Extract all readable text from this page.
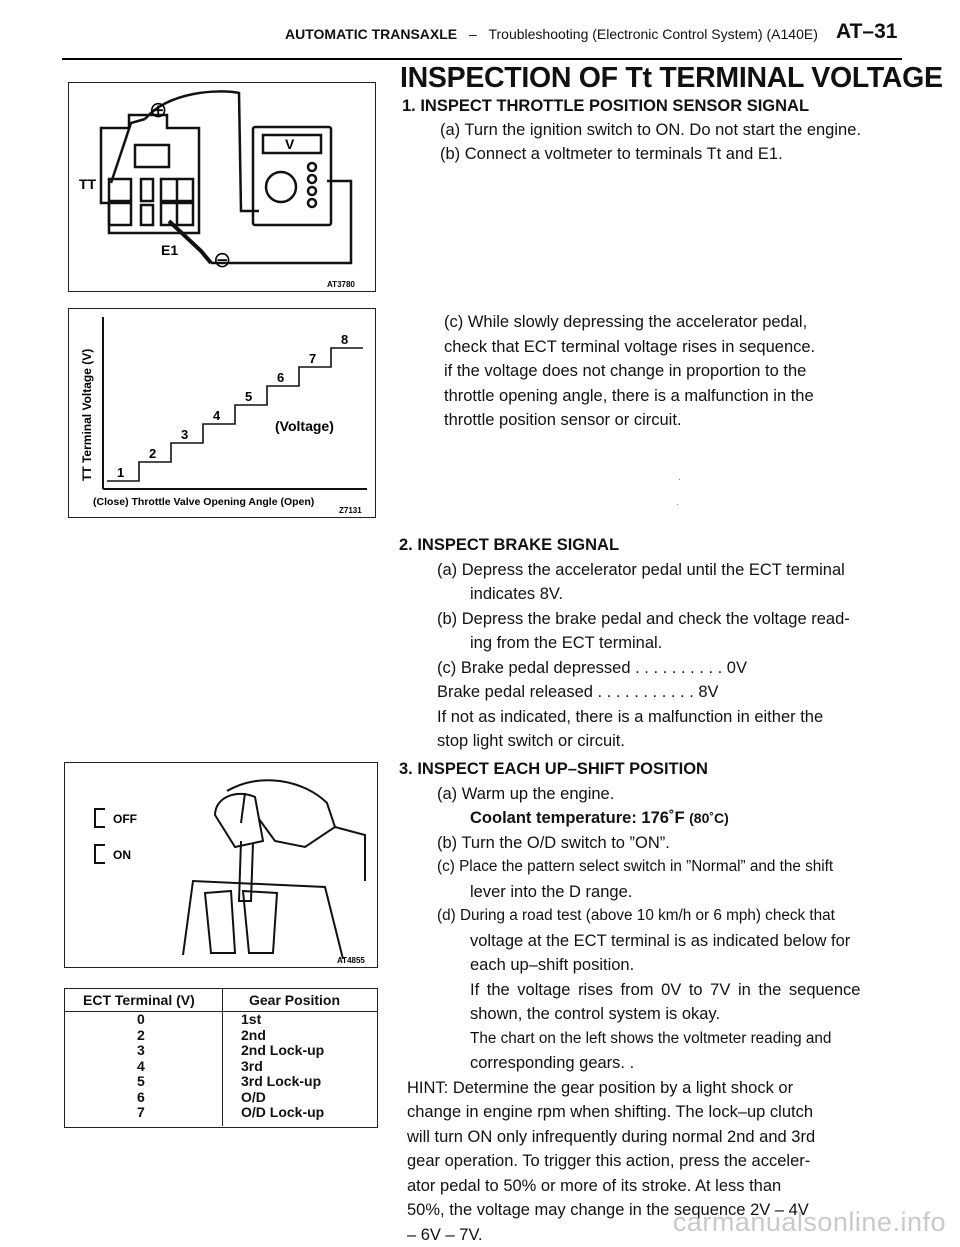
AUTOMATIC TRANSAXLE – Troubleshooting (Electronic Control System) (A140E) AT–31
INSPECTION OF Tt TERMINAL VOLTAGE
1. INSPECT THROTTLE POSITION SENSOR SIGNAL
(a) Turn the ignition switch to ON. Do not start the engine.
(b) Connect a voltmeter to terminals Tt and E1.
(c) While slowly depressing the accelerator pedal,
check that ECT terminal voltage rises in sequence.
if the voltage does not change in proportion to the
throttle opening angle, there is a malfunction in the
throttle position sensor or circuit.
.
.
2. INSPECT BRAKE SIGNAL
(a) Depress the accelerator pedal until the ECT terminal
indicates 8V.
(b) Depress the brake pedal and check the voltage read-
ing from the ECT terminal.
(c) Brake pedal depressed . . . . . . . . . . 0V
Brake pedal released . . . . . . . . . . . 8V
If not as indicated, there is a malfunction in either the
stop light switch or circuit.
3. INSPECT EACH UP–SHIFT POSITION
(a) Warm up the engine.
Coolant temperature: 176˚F (80˚C)
(b) Turn the O/D switch to ”ON”.
(c) Place the pattern select switch in ”Normal” and the shift
lever into the D range.
(d) During a road test (above 10 km/h or 6 mph) check that
voltage at the ECT terminal is as indicated below for
each up–shift position.
If the voltage rises from 0V to 7V in the sequence
shown, the control system is okay.
The chart on the left shows the voltmeter reading and
corresponding gears. .
HINT: Determine the gear position by a light shock or
change in engine rpm when shifting. The lock–up clutch
will turn ON only infrequently during normal 2nd and 3rd
gear operation. To trigger this action, press the acceler-
ator pedal to 50% or more of its stroke. At less than
50%, the voltage may change in the sequence 2V – 4V
– 6V – 7V.
V
⊕
⊖
TT
E1
AT3780
1
2
3
4
5
6
7
8
TT Terminal Voltage (V)	(Voltage)
(Close) Throttle Valve Opening Angle (Open)
Z7131
OFF
ON
AT4855
ECT Terminal (V)	Gear Position
0
2
3
4
5
6
7
1st
2nd
2nd Lock-up
3rd
3rd Lock-up
O/D
O/D Lock-up
carmanualsonline.info
